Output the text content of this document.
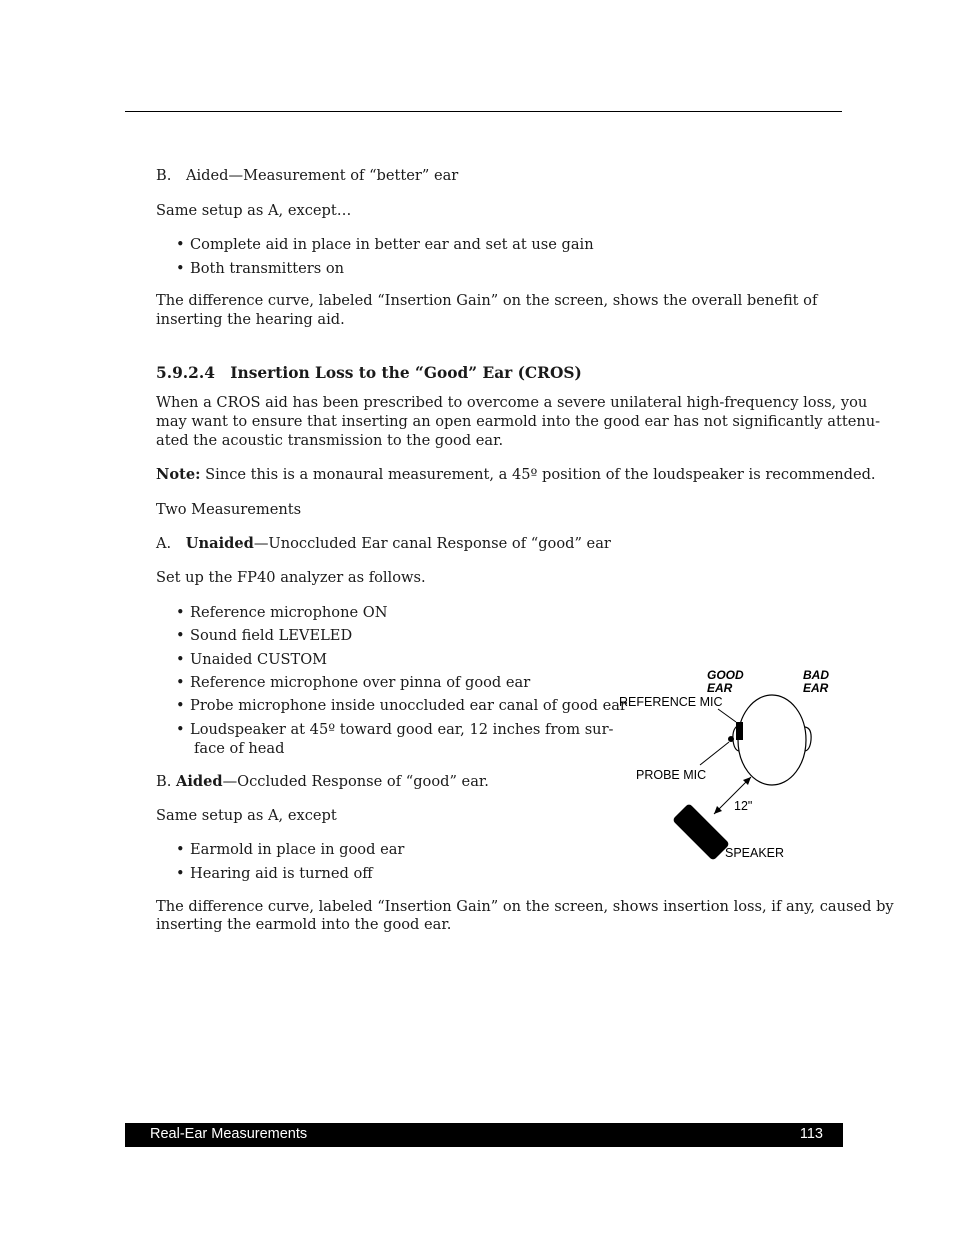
B. Aided—Measurement of “better” ear

Same setup as A, except…

• Complete aid in place in better ear and set at use gain

• Both transmitters on

The difference curve, labeled “Insertion Gain” on the screen, shows the overall benefit of inserting the hearing aid.

5.9.2.4 Insertion Loss to the “Good” Ear (CROS)

When a CROS aid has been prescribed to overcome a severe unilateral high-frequency loss, you

may want to ensure that inserting an open earmold into the good ear has not significantly attenu-

ated the acoustic transmission to the good ear.

Note: Since this is a monaural measurement, a 45º position of the loudspeaker is recommended.

Two Measurements

A. Unaided—Unoccluded Ear canal Response of “good” ear

Set up the FP40 analyzer as follows.

• Reference microphone ON

• Sound field LEVELED

• Unaided CUSTOM

• Reference microphone over pinna of good ear

• Probe microphone inside unoccluded ear canal of good ear

• Loudspeaker at 45º toward good ear, 12 inches from sur-

face of head

B. Aided—Occluded Response of “good” ear.

Same setup as A, except

• Earmold in place in good ear

• Hearing aid is turned off

The difference curve, labeled “Insertion Gain” on the screen, shows insertion loss, if any, caused by

inserting the earmold into the good ear.

GOOD
EAR
BAD
EAR
REFERENCE MIC
PROBE MIC
12"
SPEAKER
Real-Ear Measurements	113
